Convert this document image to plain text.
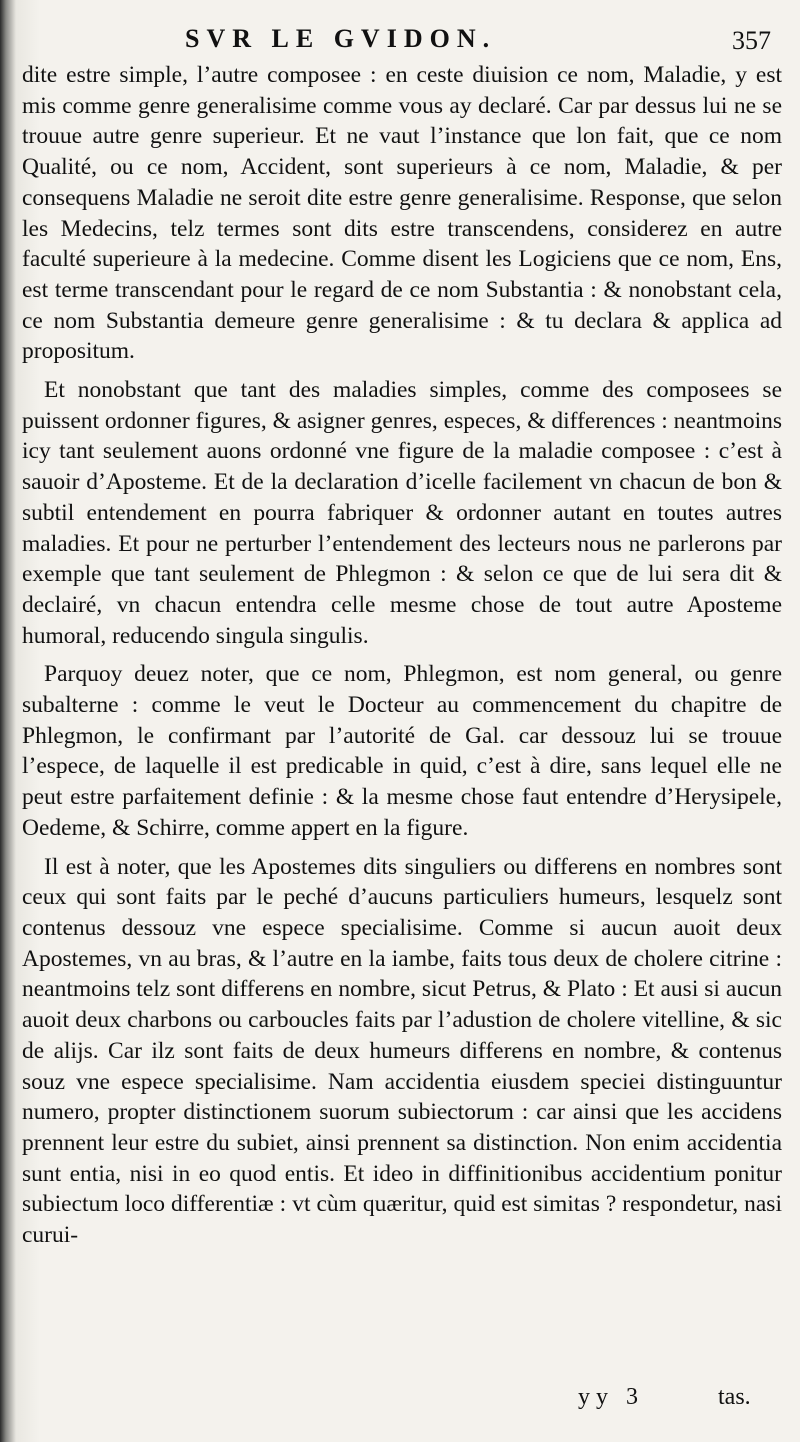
SVR LE GVIDON.	357

dite estre simple, l’autre composee : en ceste diuision ce nom, Maladie, y est mis comme genre generalisime comme vous ay declaré. Car par dessus lui ne se trouue autre genre superieur. Et ne vaut l’instance que lon fait, que ce nom Qualité, ou ce nom, Accident, sont superieurs à ce nom, Maladie, & per consequens Maladie ne seroit dite estre genre generalisime. Response, que selon les Medecins, telz termes sont dits estre transcendens, considerez en autre faculté superieure à la medecine. Comme disent les Logiciens que ce nom, Ens, est terme transcendant pour le regard de ce nom Substantia : & nonobstant cela, ce nom Substantia demeure genre generalisime : & tu declara & applica ad propositum.

Et nonobstant que tant des maladies simples, comme des composees se puissent ordonner figures, & asigner genres, especes, & differences : neantmoins icy tant seulement auons ordonné vne figure de la maladie composee : c’est à sauoir d’Aposteme. Et de la declaration d’icelle facilement vn chacun de bon & subtil entendement en pourra fabriquer & ordonner autant en toutes autres maladies. Et pour ne perturber l’entendement des lecteurs nous ne parlerons par exemple que tant seulement de Phlegmon : & selon ce que de lui sera dit & declairé, vn chacun entendra celle mesme chose de tout autre Aposteme humoral, reducendo singula singulis.

Parquoy deuez noter, que ce nom, Phlegmon, est nom general, ou genre subalterne : comme le veut le Docteur au commencement du chapitre de Phlegmon, le confirmant par l’autorité de Gal. car dessouz lui se trouue l’espece, de laquelle il est predicable in quid, c’est à dire, sans lequel elle ne peut estre parfaitement definie : & la mesme chose faut entendre d’Herysipele, Oedeme, & Schirre, comme appert en la figure.

Il est à noter, que les Apostemes dits singuliers ou differens en nombres sont ceux qui sont faits par le peché d’aucuns particuliers humeurs, lesquelz sont contenus dessouz vne espece specialisime. Comme si aucun auoit deux Apostemes, vn au bras, & l’autre en la iambe, faits tous deux de cholere citrine : neantmoins telz sont differens en nombre, sicut Petrus, & Plato : Et ausi si aucun auoit deux charbons ou carboucles faits par l’adustion de cholere vitelline, & sic de alijs. Car ilz sont faits de deux humeurs differens en nombre, & contenus souz vne espece specialisime. Nam accidentia eiusdem speciei distinguuntur numero, propter distinctionem suorum subiectorum : car ainsi que les accidens prennent leur estre du subiet, ainsi prennent sa distinction. Non enim accidentia sunt entia, nisi in eo quod entis. Et ideo in diffinitionibus accidentium ponitur subiectum loco differentiæ : vt cùm quæritur, quid est simitas ? respondetur, nasi curui-

yy 3	tas.
